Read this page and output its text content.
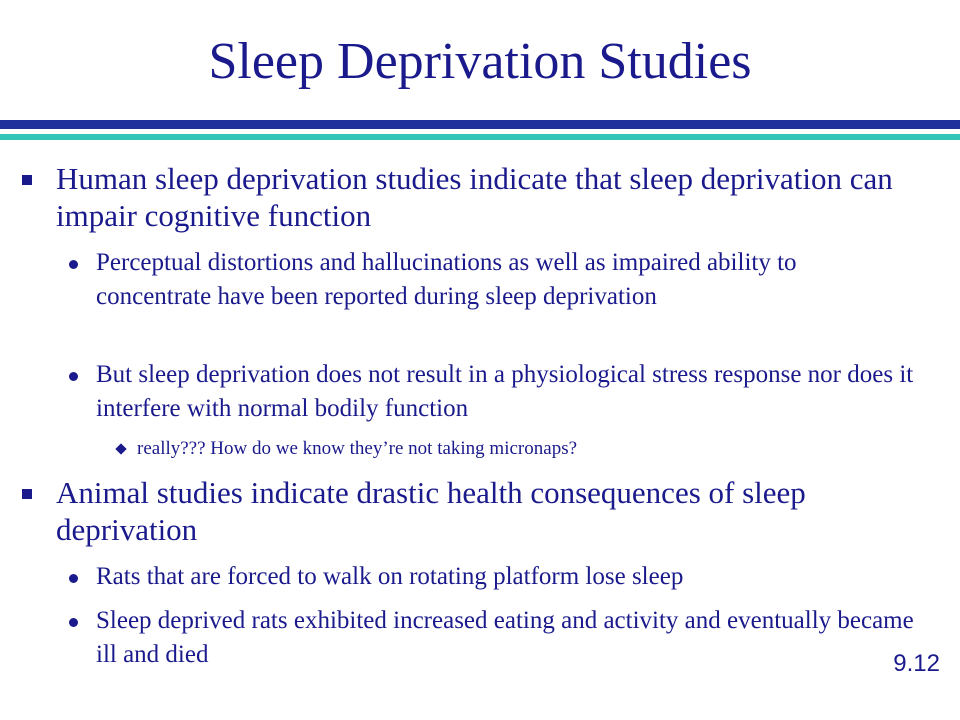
Sleep Deprivation Studies
Human sleep deprivation studies indicate that sleep deprivation can impair cognitive function
Perceptual distortions and hallucinations as well as impaired ability to concentrate have been reported during sleep deprivation
But sleep deprivation does not result in a physiological stress response nor does it interfere with normal bodily function
really??? How do we know they’re not taking micronaps?
Animal studies indicate drastic health consequences of sleep deprivation
Rats that are forced to walk on rotating platform lose sleep
Sleep deprived rats exhibited increased eating and activity and eventually became ill and died	9.12
